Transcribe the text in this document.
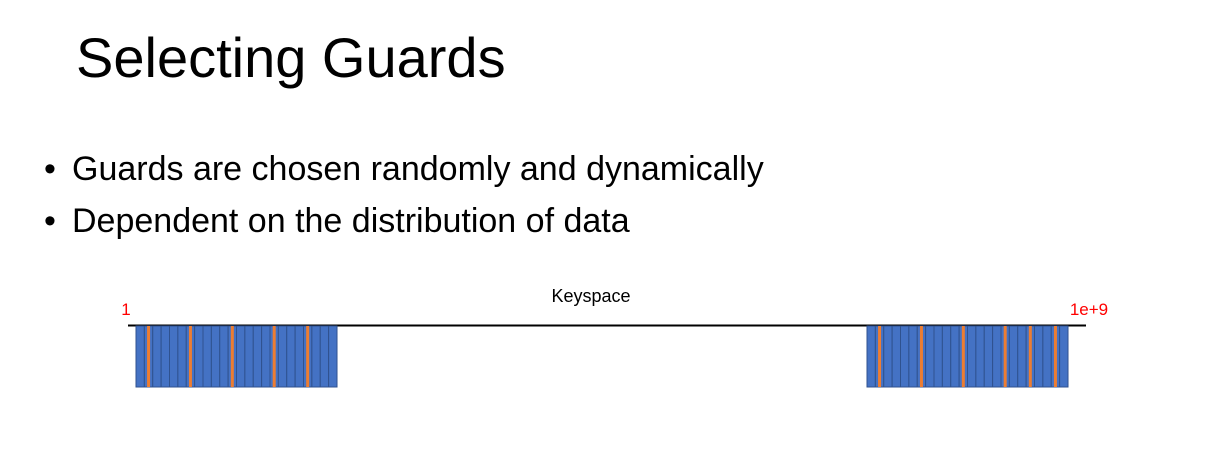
Selecting Guards
• Guards are chosen randomly and dynamically
• Dependent on the distribution of data
Keyspace
1	1e+9
